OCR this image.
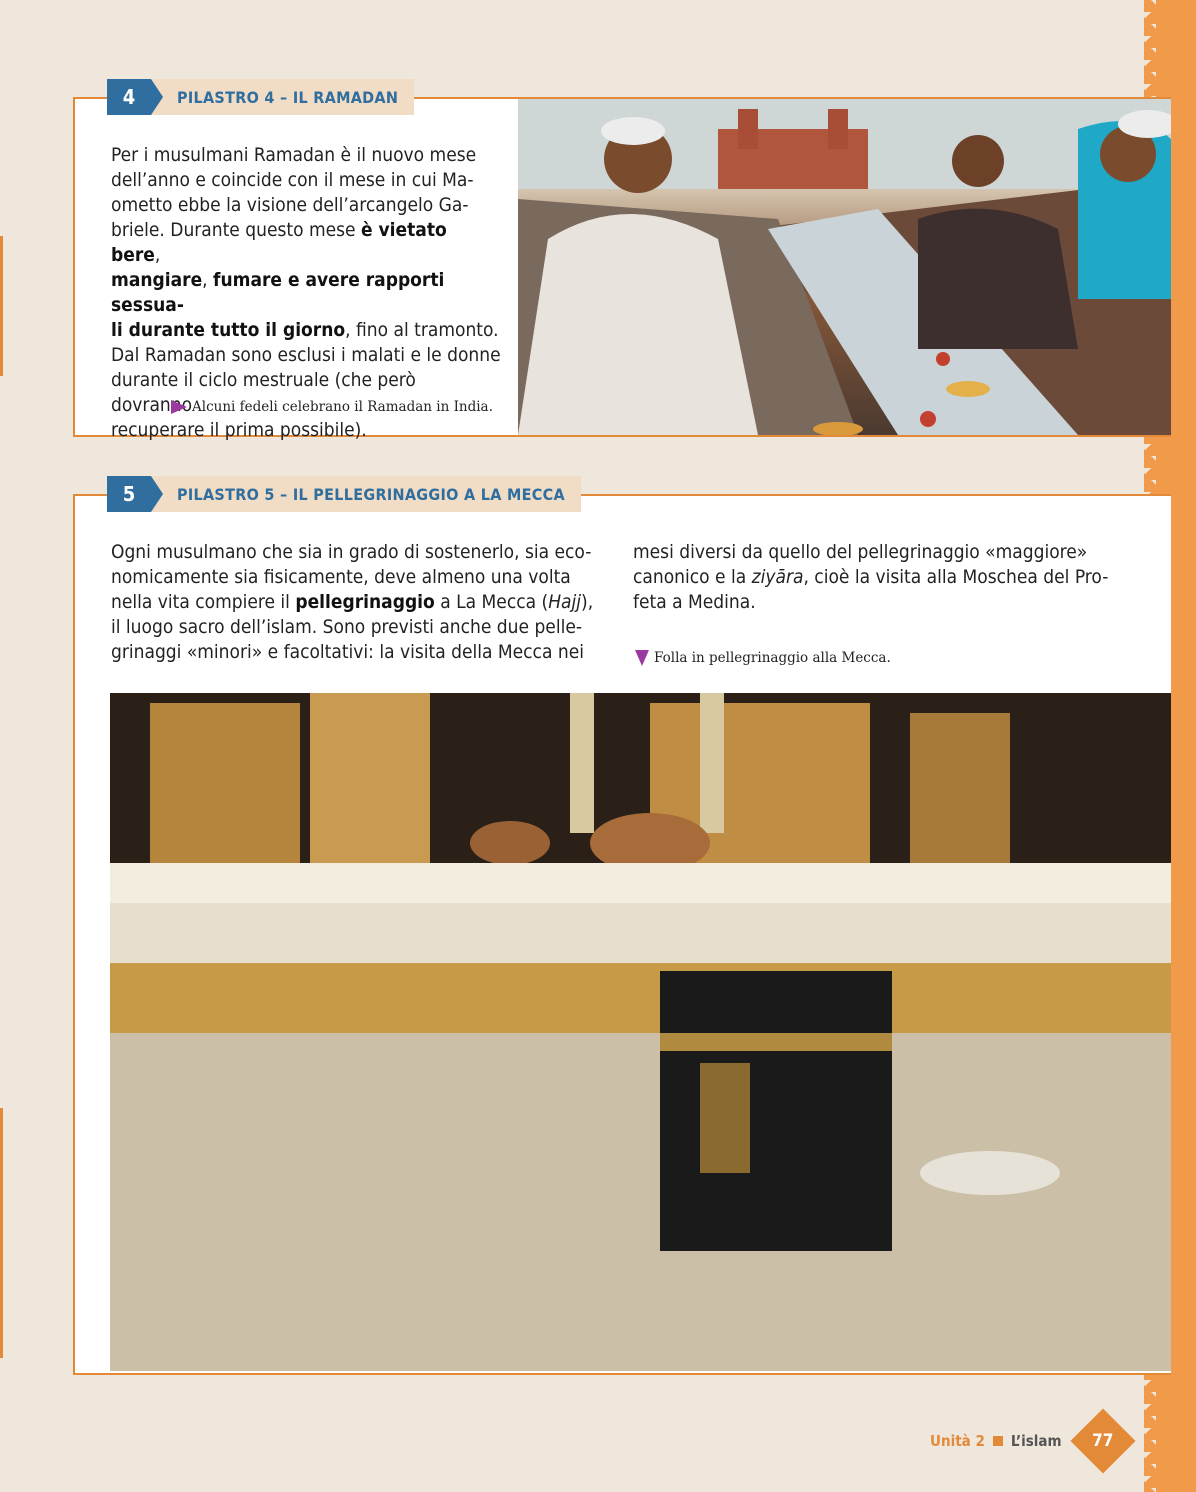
4	PILASTRO 4 – IL RAMADAN
Per i musulmani Ramadan è il nuovo mese
dell’anno e coincide con il mese in cui Ma-
ometto ebbe la visione dell’arcangelo Ga-
briele. Durante questo mese è vietato bere,
mangiare, fumare e avere rapporti sessua-
li durante tutto il giorno, fino al tramonto.
Dal Ramadan sono esclusi i malati e le donne
durante il ciclo mestruale (che però dovranno
recuperare il prima possibile).
Alcuni fedeli celebrano il Ramadan in India.
5	PILASTRO 5 – IL PELLEGRINAGGIO A LA MECCA
Ogni musulmano che sia in grado di sostenerlo, sia eco-
nomicamente sia fisicamente, deve almeno una volta
nella vita compiere il pellegrinaggio a La Mecca (Hajj),
il luogo sacro dell’islam. Sono previsti anche due pelle-
grinaggi «minori» e facoltativi: la visita della Mecca nei
mesi diversi da quello del pellegrinaggio «maggiore»
canonico e la ziyāra, cioè la visita alla Moschea del Pro-
feta a Medina.
Folla in pellegrinaggio alla Mecca.
Unità 2 L’islam 77
